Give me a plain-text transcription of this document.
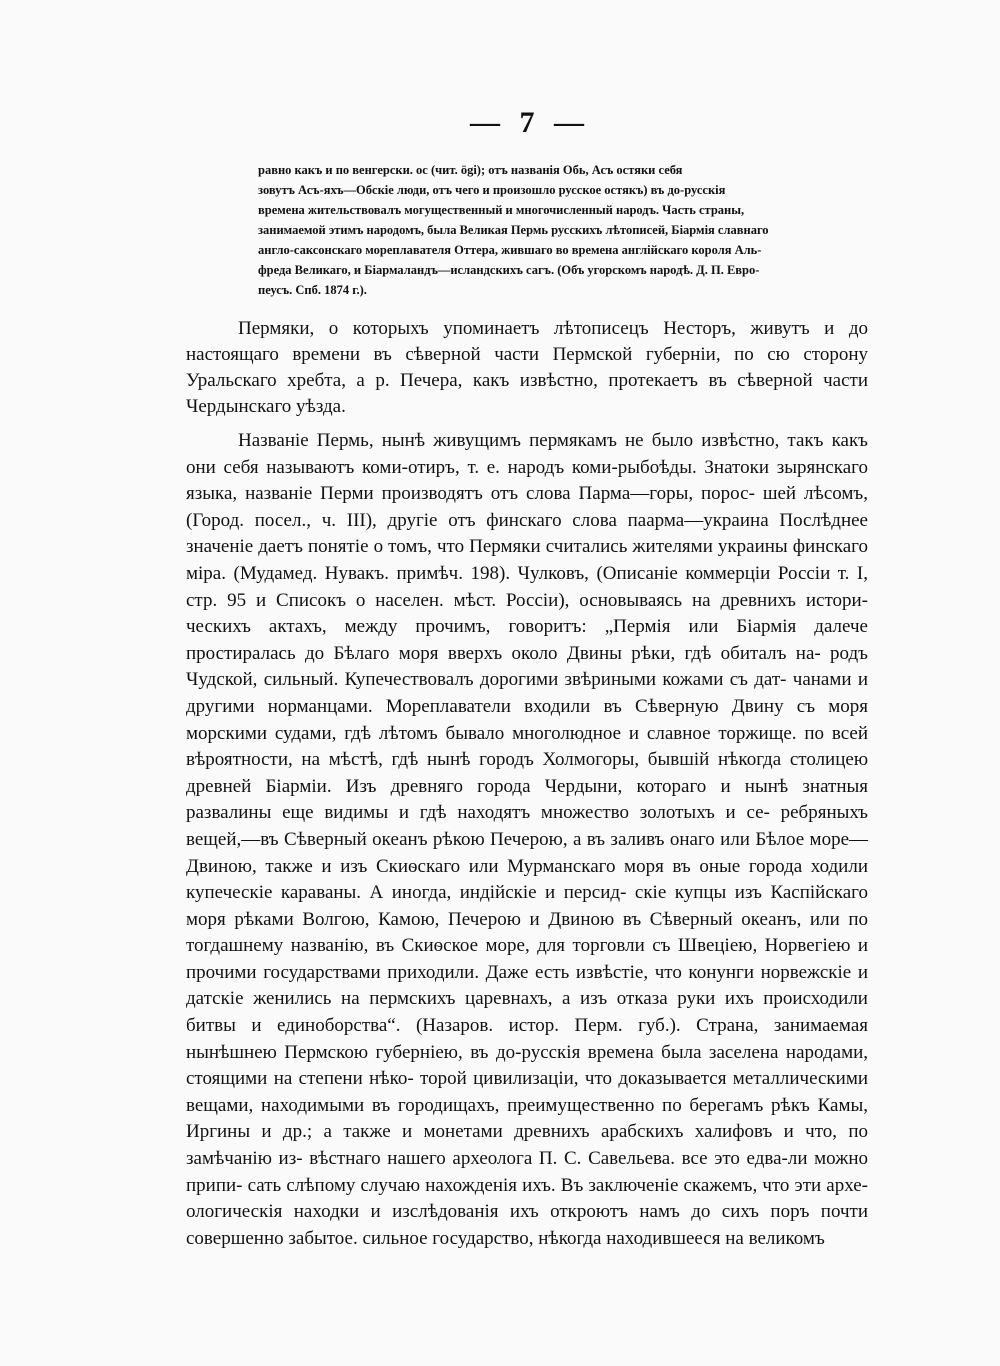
— 7 —
равно какъ и по венгерски. ос (чит. ögi); отъ названія Обь, Асъ остяки себя
зовутъ Асъ-яхъ—Обскіе люди, отъ чего и произошло русское остякъ) въ до-русскія
времена жительствовалъ могущественный и многочисленный народъ. Часть страны,
занимаемой этимъ народомъ, была Великая Пермь русскихъ лѣтописей, Біармія славнаго
англо-саксонскаго мореплавателя Оттера, жившаго во времена англійскаго короля Аль-
фреда Великаго, и Біармаландъ—исландскихъ сагъ. (Объ угорскомъ народѣ. Д. П. Евро-
пеусъ. Спб. 1874 г.).
Пермяки, о которыхъ упоминаетъ лѣтописецъ Несторъ, живутъ и до настоящаго времени въ сѣверной части Пермской губерніи, по сю сторону Уральскаго хребта, а р. Печера, какъ извѣстно, протекаетъ въ сѣверной части Чердынскаго уѣзда.
Названіе Пермь, нынѣ живущимъ пермякамъ не было извѣстно, такъ какъ они себя называютъ коми-отиръ, т. е. народъ коми-рыбоѣды. Знатоки зырянскаго языка, названіе Перми производятъ отъ слова Парма—горы, порос- шей лѣсомъ, (Город. посел., ч. III), другіе отъ финскаго слова паарма—украина Послѣднее значеніе даетъ понятіе о томъ, что Пермяки считались жителями украины финскаго міра. (Мудамед. Нувакъ. примѣч. 198). Чулковъ, (Описаніе коммерціи Россіи т. I, стр. 95 и Списокъ о населен. мѣст. Россіи), основываясь на древнихъ истори- ческихъ актахъ, между прочимъ, говоритъ: „Пермія или Біармія далече простиралась до Бѣлаго моря вверхъ около Двины рѣки, гдѣ обиталъ на- родъ Чудской, сильный. Купечествовалъ дорогими звѣриными кожами съ дат- чанами и другими норманцами. Мореплаватели входили въ Сѣверную Двину съ моря морскими судами, гдѣ лѣтомъ бывало многолюдное и славное торжище. по всей вѣроятности, на мѣстѣ, гдѣ нынѣ городъ Холмогоры, бывшій нѣкогда столицею древней Біарміи. Изъ древняго города Чердыни, котораго и нынѣ знатныя развалины еще видимы и гдѣ находятъ множество золотыхъ и се- ребряныхъ вещей,—въ Сѣверный океанъ рѣкою Печерою, а въ заливъ онаго или Бѣлое море—Двиною, также и изъ Скиѳскаго или Мурманскаго моря въ оные города ходили купеческіе караваны. А иногда, индійскіе и персид- скіе купцы изъ Каспійскаго моря рѣками Волгою, Камою, Печерою и Двиною въ Сѣверный океанъ, или по тогдашнему названію, въ Скиѳское море, для торговли съ Швеціею, Норвегіею и прочими государствами приходили. Даже есть извѣстіе, что конунги норвежскіе и датскіе женились на пермскихъ царевнахъ, а изъ отказа руки ихъ происходили битвы и единоборства“. (Назаров. истор. Перм. губ.). Страна, занимаемая нынѣшнею Пермскою губерніею, въ до-русскія времена была заселена народами, стоящими на степени нѣко- торой цивилизаціи, что доказывается металлическими вещами, находимыми въ городищахъ, преимущественно по берегамъ рѣкъ Камы, Иргины и др.; а также и монетами древнихъ арабскихъ халифовъ и что, по замѣчанію из- вѣстнаго нашего археолога П. С. Савельева. все это едва-ли можно припи- сать слѣпому случаю нахожденія ихъ. Въ заключеніе скажемъ, что эти архе- ологическія находки и изслѣдованія ихъ откроютъ намъ до сихъ поръ почти совершенно забытое. сильное государство, нѣкогда находившееся на великомъ
